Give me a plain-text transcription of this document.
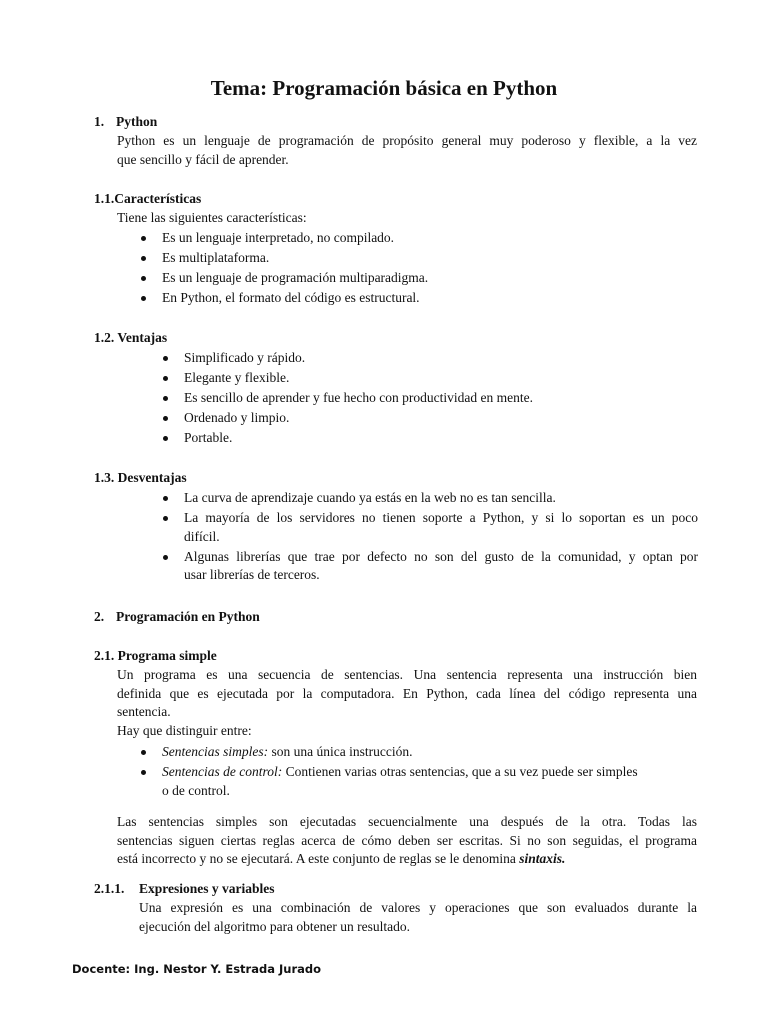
Tema: Programación básica en Python
1. Python
Python es un lenguaje de programación de propósito general muy poderoso y flexible, a la vez
que sencillo y fácil de aprender.
1.1.Características
Tiene las siguientes características:
Es un lenguaje interpretado, no compilado.
Es multiplataforma.
Es un lenguaje de programación multiparadigma.
En Python, el formato del código es estructural.
1.2. Ventajas
Simplificado y rápido.
Elegante y flexible.
Es sencillo de aprender y fue hecho con productividad en mente.
Ordenado y limpio.
Portable.
1.3. Desventajas
La curva de aprendizaje cuando ya estás en la web no es tan sencilla.
La mayoría de los servidores no tienen soporte a Python, y si lo soportan es un poco
difícil.
Algunas librerías que trae por defecto no son del gusto de la comunidad, y optan por
usar librerías de terceros.
2. Programación en Python
2.1. Programa simple
Un programa es una secuencia de sentencias. Una sentencia representa una instrucción bien
definida que es ejecutada por la computadora. En Python, cada línea del código representa una
sentencia.
Hay que distinguir entre:
Sentencias simples: son una única instrucción.
Sentencias de control: Contienen varias otras sentencias, que a su vez puede ser simples
o de control.
Las sentencias simples son ejecutadas secuencialmente una después de la otra. Todas las
sentencias siguen ciertas reglas acerca de cómo deben ser escritas. Si no son seguidas, el programa
está incorrecto y no se ejecutará. A este conjunto de reglas se le denomina sintaxis.
2.1.1. Expresiones y variables
Una expresión es una combinación de valores y operaciones que son evaluados durante la
ejecución del algoritmo para obtener un resultado.
Docente: Ing. Nestor Y. Estrada Jurado
